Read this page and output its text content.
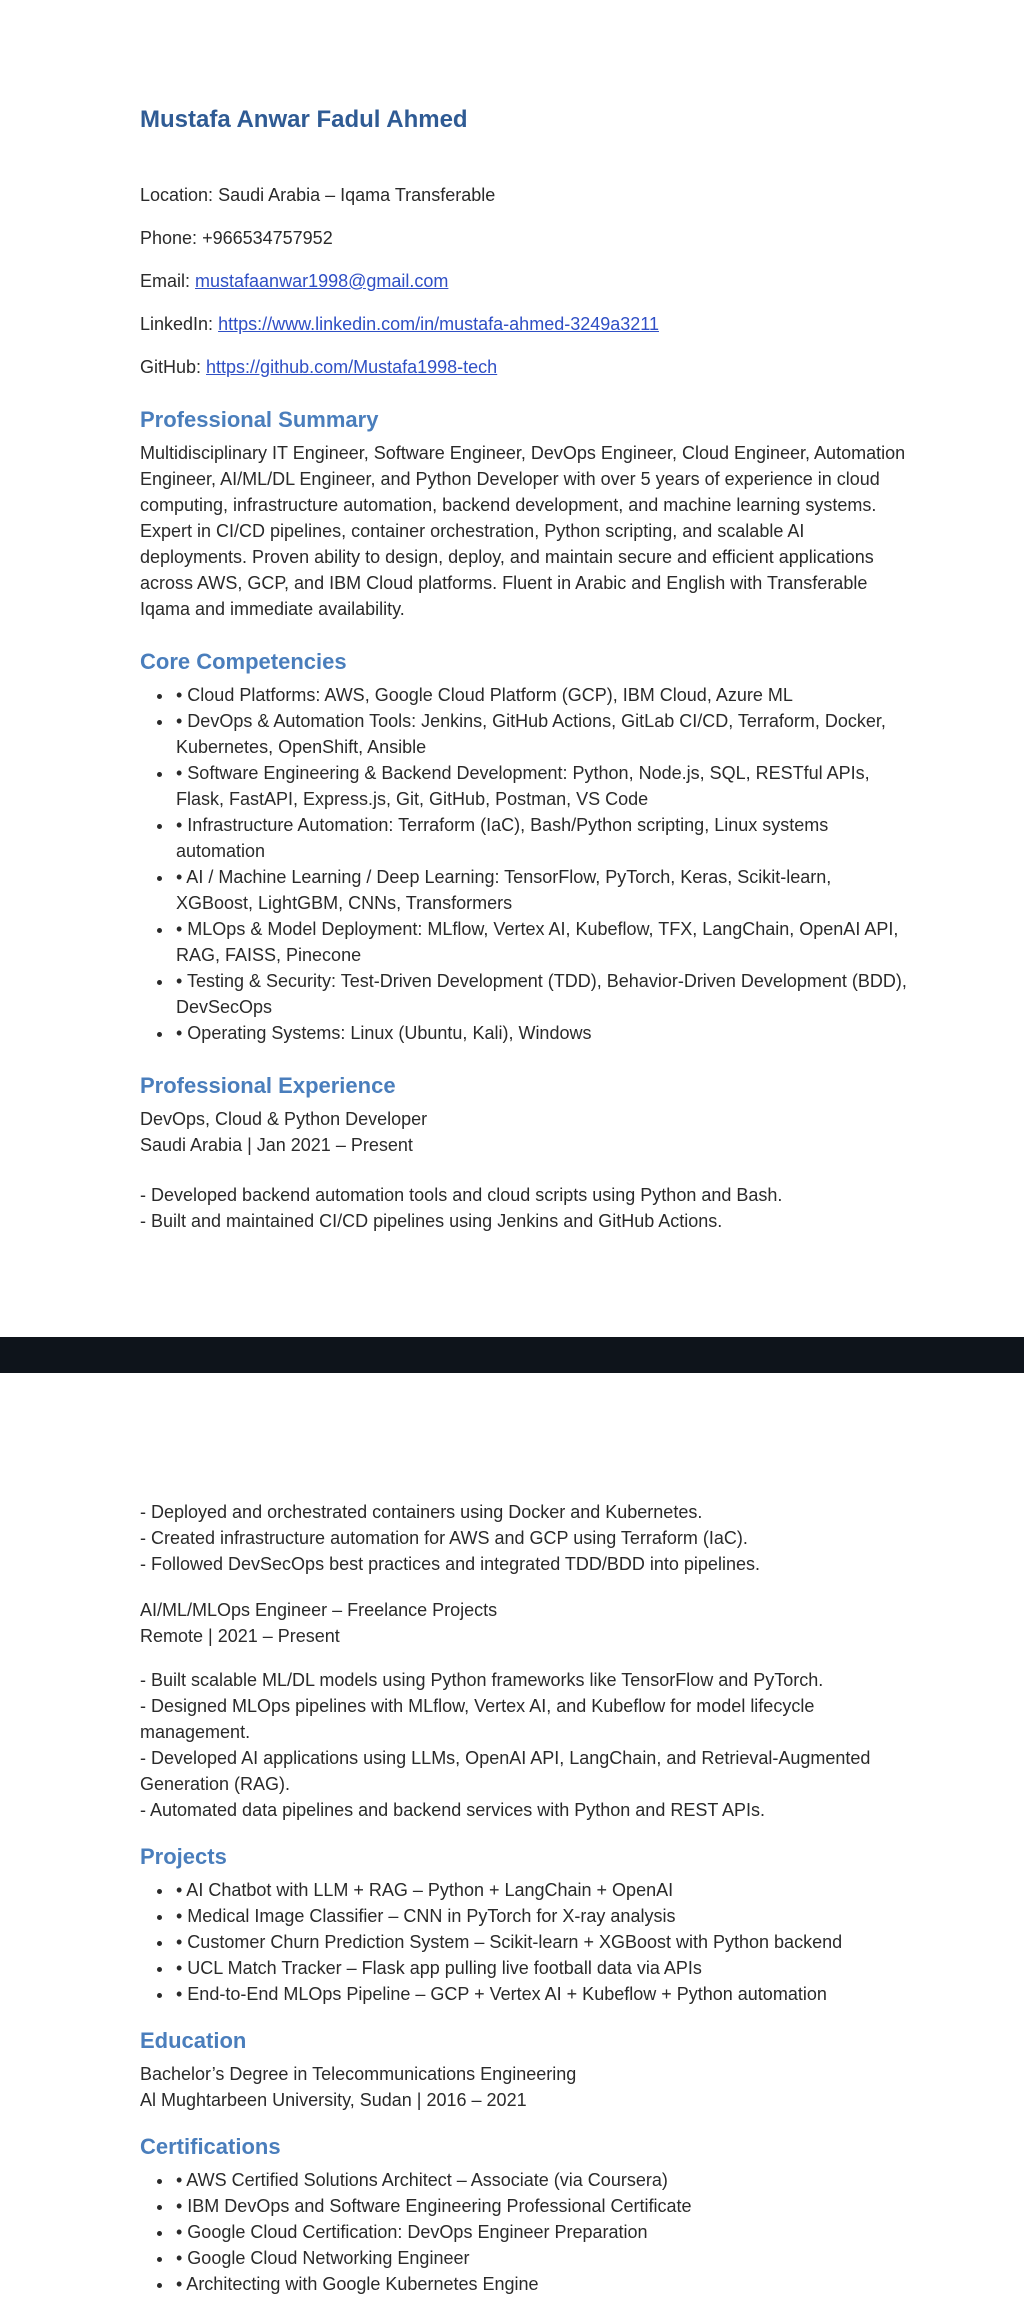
Mustafa Anwar Fadul Ahmed

Location: Saudi Arabia – Iqama Transferable

Phone: +966534757952

Email: mustafaanwar1998@gmail.com

LinkedIn: https://www.linkedin.com/in/mustafa-ahmed-3249a3211

GitHub: https://github.com/Mustafa1998-tech

Professional Summary

Multidisciplinary IT Engineer, Software Engineer, DevOps Engineer, Cloud Engineer, Automation Engineer, AI/ML/DL Engineer, and Python Developer with over 5 years of experience in cloud computing, infrastructure automation, backend development, and machine learning systems. Expert in CI/CD pipelines, container orchestration, Python scripting, and scalable AI deployments. Proven ability to design, deploy, and maintain secure and efficient applications across AWS, GCP, and IBM Cloud platforms. Fluent in Arabic and English with Transferable Iqama and immediate availability.

Core Competencies
• • Cloud Platforms: AWS, Google Cloud Platform (GCP), IBM Cloud, Azure ML
• • DevOps & Automation Tools: Jenkins, GitHub Actions, GitLab CI/CD, Terraform, Docker, Kubernetes, OpenShift, Ansible
• • Software Engineering & Backend Development: Python, Node.js, SQL, RESTful APIs, Flask, FastAPI, Express.js, Git, GitHub, Postman, VS Code
• • Infrastructure Automation: Terraform (IaC), Bash/Python scripting, Linux systems automation
• • AI / Machine Learning / Deep Learning: TensorFlow, PyTorch, Keras, Scikit-learn, XGBoost, LightGBM, CNNs, Transformers
• • MLOps & Model Deployment: MLflow, Vertex AI, Kubeflow, TFX, LangChain, OpenAI API, RAG, FAISS, Pinecone
• • Testing & Security: Test-Driven Development (TDD), Behavior-Driven Development (BDD), DevSecOps
• • Operating Systems: Linux (Ubuntu, Kali), Windows
Professional Experience
DevOps, Cloud & Python Developer
Saudi Arabia | Jan 2021 – Present
- Developed backend automation tools and cloud scripts using Python and Bash.
- Built and maintained CI/CD pipelines using Jenkins and GitHub Actions.
- Deployed and orchestrated containers using Docker and Kubernetes.
- Created infrastructure automation for AWS and GCP using Terraform (IaC).
- Followed DevSecOps best practices and integrated TDD/BDD into pipelines.
AI/ML/MLOps Engineer – Freelance Projects
Remote | 2021 – Present
- Built scalable ML/DL models using Python frameworks like TensorFlow and PyTorch.
- Designed MLOps pipelines with MLflow, Vertex AI, and Kubeflow for model lifecycle management.
- Developed AI applications using LLMs, OpenAI API, LangChain, and Retrieval-Augmented Generation (RAG).
- Automated data pipelines and backend services with Python and REST APIs.
Projects
• • AI Chatbot with LLM + RAG – Python + LangChain + OpenAI
• • Medical Image Classifier – CNN in PyTorch for X-ray analysis
• • Customer Churn Prediction System – Scikit-learn + XGBoost with Python backend
• • UCL Match Tracker – Flask app pulling live football data via APIs
• • End-to-End MLOps Pipeline – GCP + Vertex AI + Kubeflow + Python automation
Education
Bachelor’s Degree in Telecommunications Engineering
Al Mughtarbeen University, Sudan | 2016 – 2021
Certifications
• • AWS Certified Solutions Architect – Associate (via Coursera)
• • IBM DevOps and Software Engineering Professional Certificate
• • Google Cloud Certification: DevOps Engineer Preparation
• • Google Cloud Networking Engineer
• • Architecting with Google Kubernetes Engine
